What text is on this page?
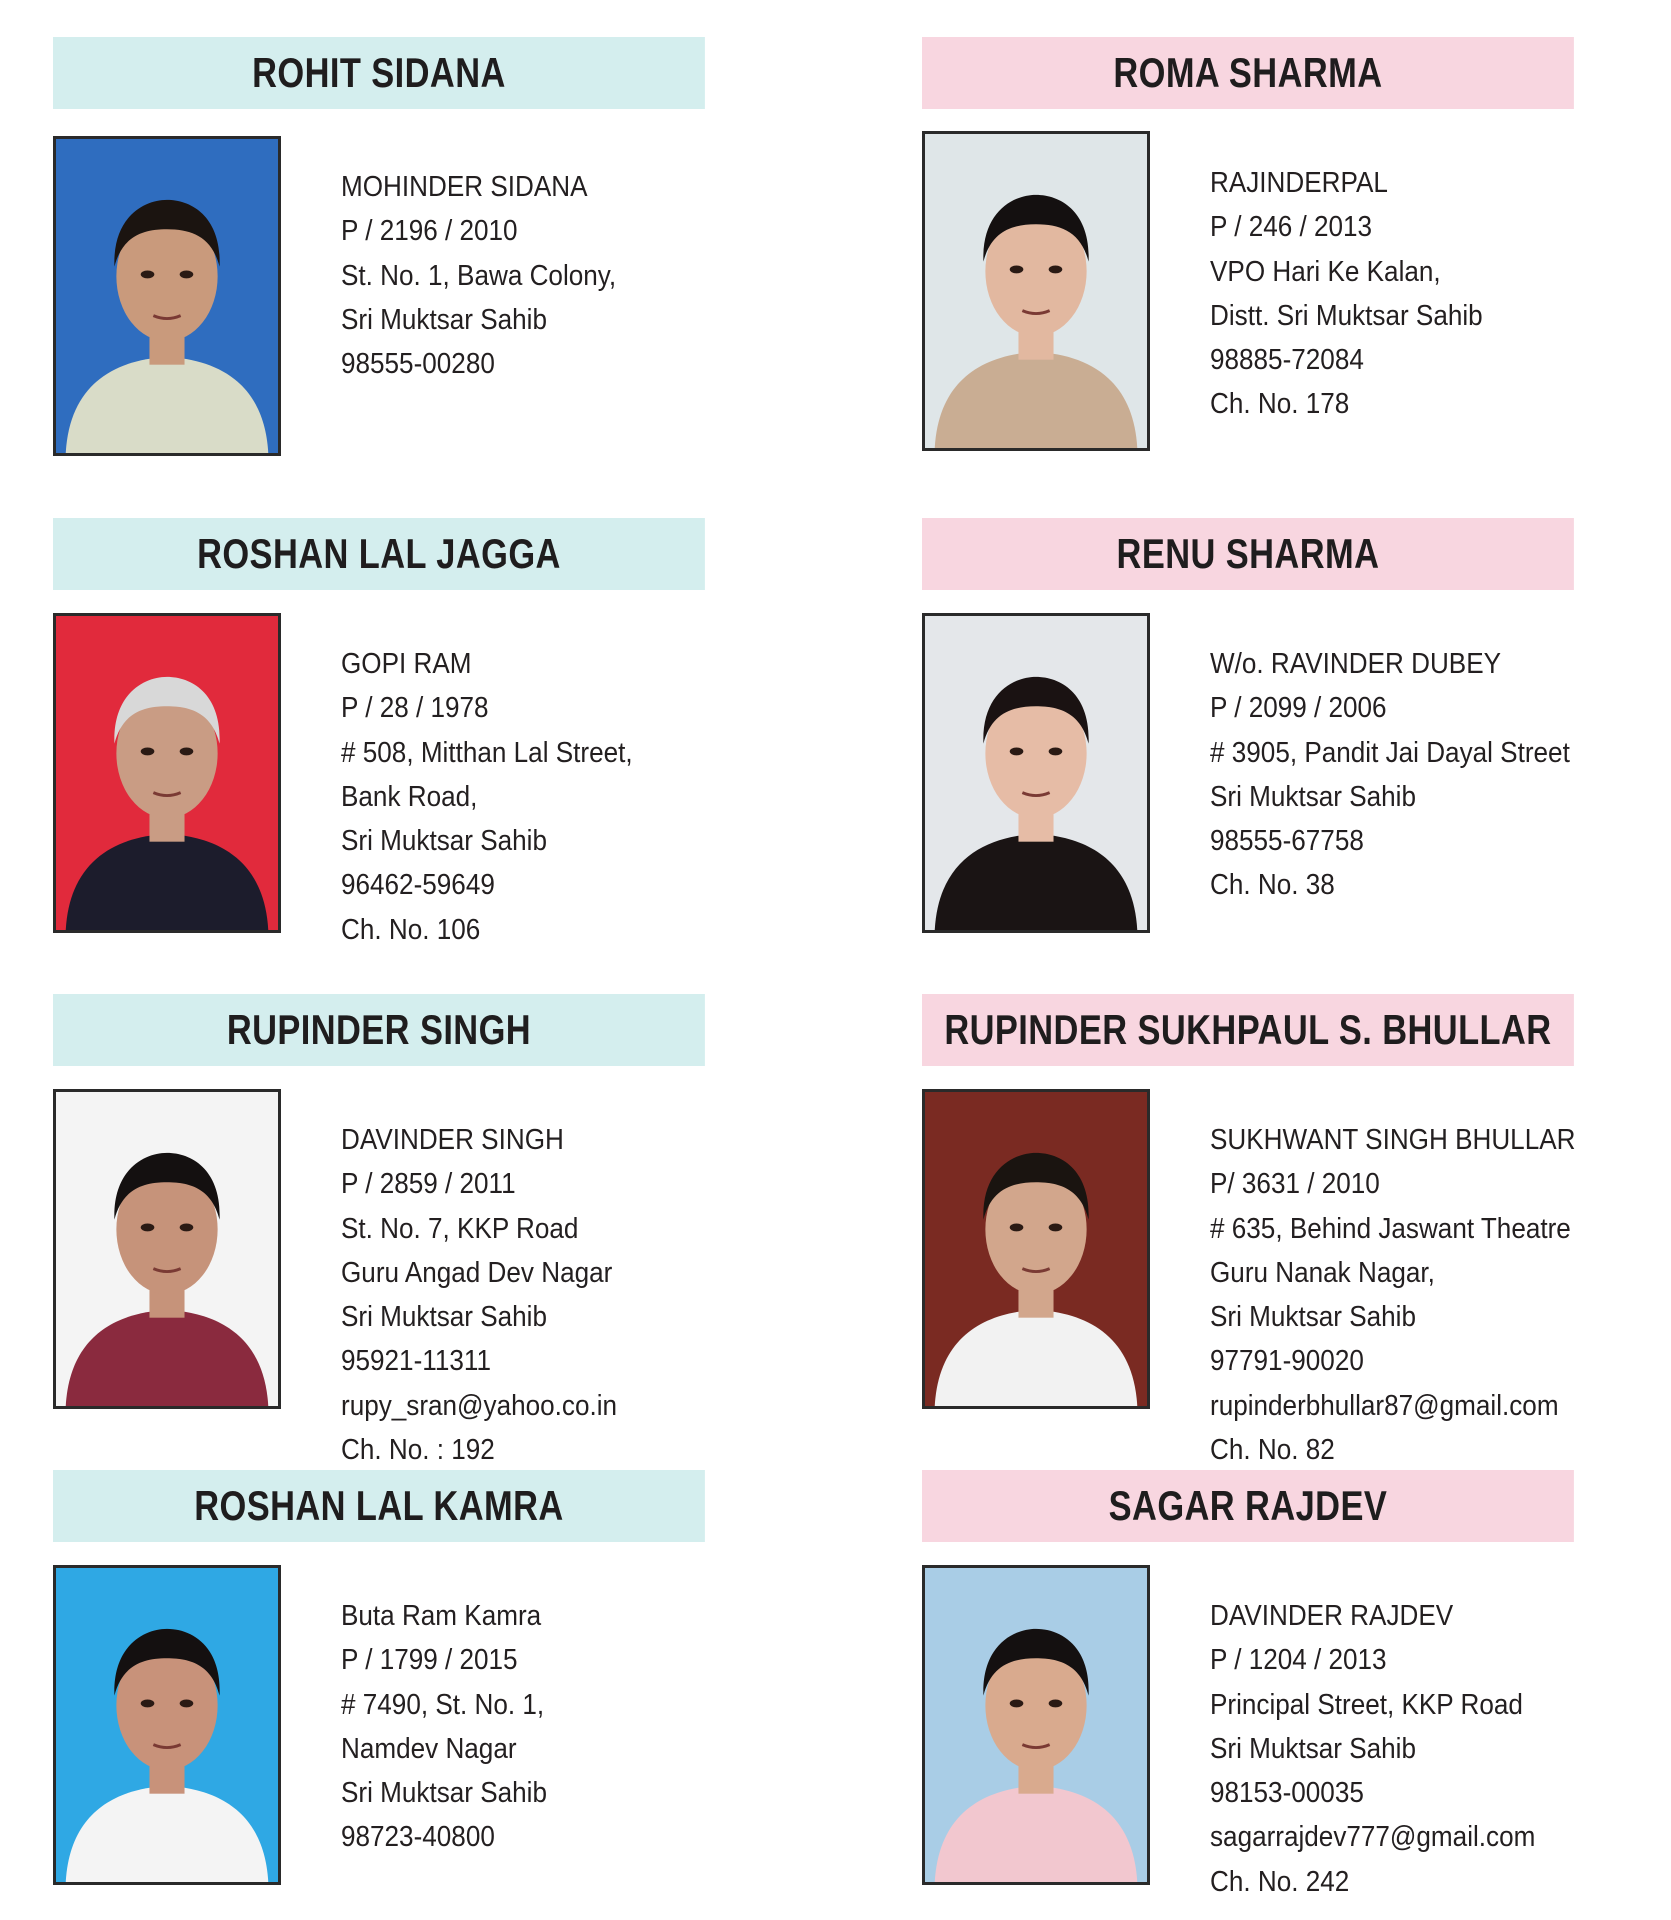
ROHIT SIDANA
MOHINDER SIDANA
P / 2196 / 2010
St. No. 1, Bawa Colony,
Sri Muktsar Sahib
98555-00280
ROMA SHARMA
RAJINDERPAL
P / 246 / 2013
VPO Hari Ke Kalan,
Distt. Sri Muktsar Sahib
98885-72084
Ch. No. 178
ROSHAN LAL JAGGA
GOPI RAM
P / 28 / 1978
# 508, Mitthan Lal Street,
Bank Road,
Sri Muktsar Sahib
96462-59649
Ch. No. 106
RENU SHARMA
W/o. RAVINDER DUBEY
P / 2099 / 2006
# 3905, Pandit Jai Dayal Street
Sri Muktsar Sahib
98555-67758
Ch. No. 38
RUPINDER SINGH
DAVINDER SINGH
P / 2859 / 2011
St. No. 7, KKP Road
Guru Angad Dev Nagar
Sri Muktsar Sahib
95921-11311
rupy_sran@yahoo.co.in
Ch. No. : 192
RUPINDER SUKHPAUL S. BHULLAR
SUKHWANT SINGH BHULLAR
P/ 3631 / 2010
# 635, Behind Jaswant Theatre
Guru Nanak Nagar,
Sri Muktsar Sahib
97791-90020
rupinderbhullar87@gmail.com
Ch. No. 82
ROSHAN LAL KAMRA
Buta Ram Kamra
P / 1799 / 2015
# 7490, St. No. 1,
Namdev Nagar
Sri Muktsar Sahib
98723-40800
SAGAR RAJDEV
DAVINDER RAJDEV
P / 1204 / 2013
Principal Street, KKP Road
Sri Muktsar Sahib
98153-00035
sagarrajdev777@gmail.com
Ch. No. 242
